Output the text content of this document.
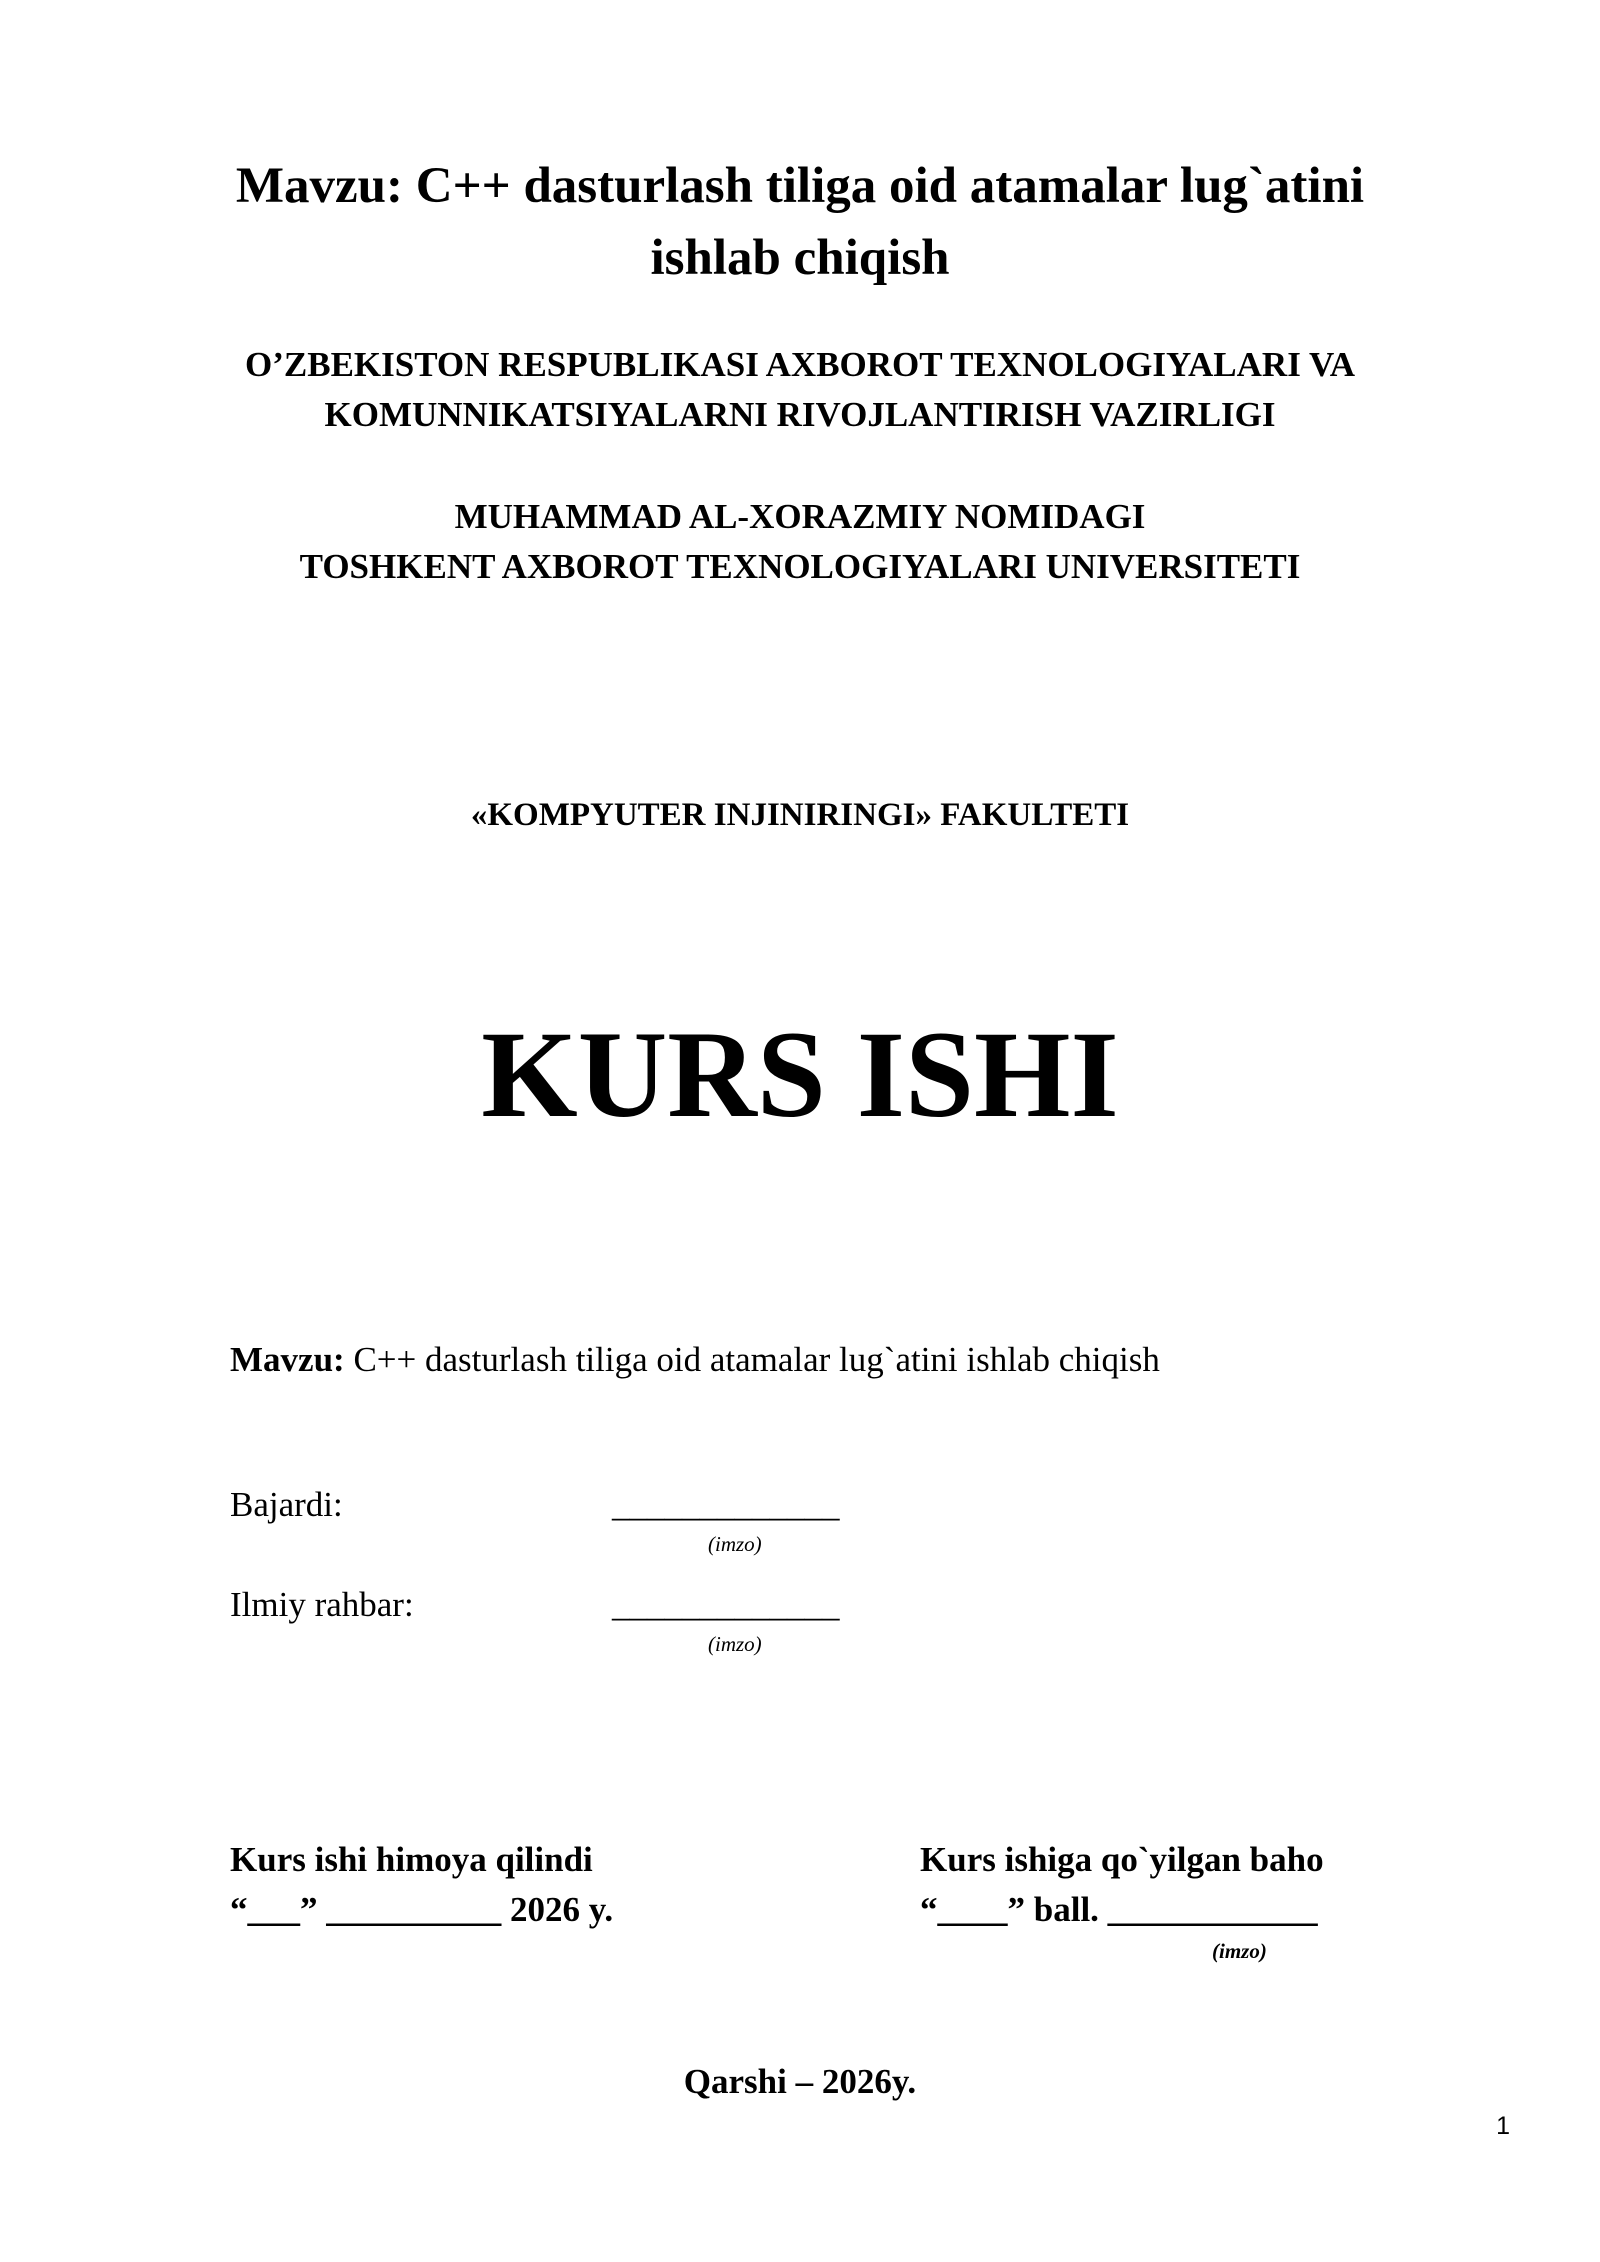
Mavzu: C++ dasturlash tiliga oid atamalar lug`atini
ishlab chiqish
O’ZBEKISTON RESPUBLIKASI AXBOROT TEXNOLOGIYALARI VA
KOMUNNIKATSIYALARNI RIVOJLANTIRISH VAZIRLIGI
MUHAMMAD AL-XORAZMIY NOMIDAGI
TOSHKENT AXBOROT TEXNOLOGIYALARI UNIVERSITETI
«KOMPYUTER INJINIRINGI» FAKULTETI
KURS ISHI
Mavzu: C++ dasturlash tiliga oid atamalar lug`atini ishlab chiqish
Bajardi:	_____________
(imzo)
Ilmiy rahbar:	_____________
(imzo)
Kurs ishi himoya qilindi
“___” __________ 2026 y.
Kurs ishiga qo`yilgan baho
“____” ball. ____________
(imzo)
Qarshi – 2026y.
1
